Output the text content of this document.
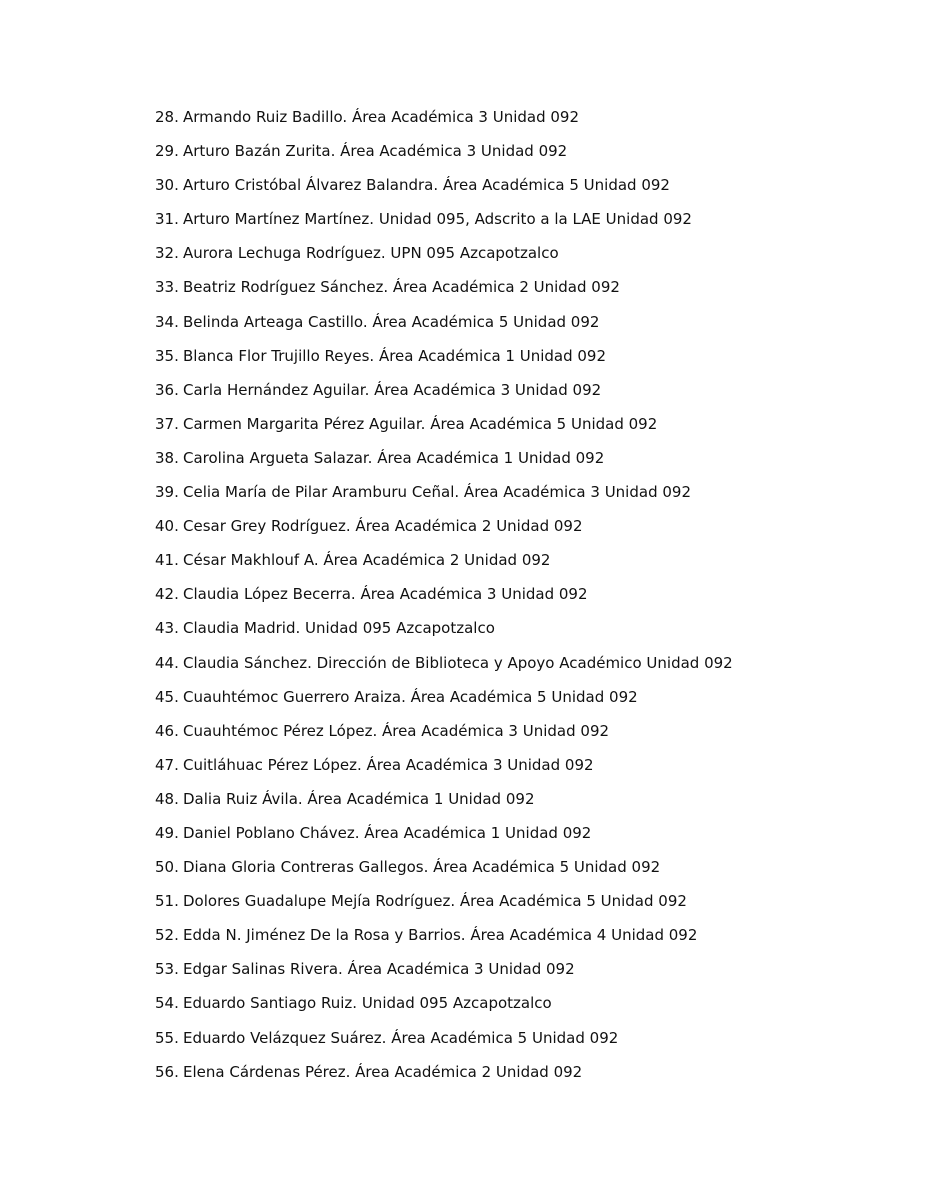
28. Armando Ruiz Badillo. Área Académica 3 Unidad 092
29. Arturo Bazán Zurita. Área Académica 3 Unidad 092
30. Arturo Cristóbal Álvarez Balandra. Área Académica 5 Unidad 092
31. Arturo Martínez Martínez. Unidad 095, Adscrito a la LAE Unidad 092
32. Aurora Lechuga Rodríguez. UPN 095 Azcapotzalco
33. Beatriz Rodríguez Sánchez. Área Académica 2 Unidad 092
34. Belinda Arteaga Castillo. Área Académica 5 Unidad 092
35. Blanca Flor Trujillo Reyes. Área Académica 1 Unidad 092
36. Carla Hernández Aguilar. Área Académica 3 Unidad 092
37. Carmen Margarita Pérez Aguilar. Área Académica 5 Unidad 092
38. Carolina Argueta Salazar. Área Académica 1 Unidad 092
39. Celia María de Pilar Aramburu Ceñal. Área Académica 3 Unidad 092
40. Cesar Grey Rodríguez. Área Académica 2 Unidad 092
41. César Makhlouf A. Área Académica 2 Unidad 092
42. Claudia López Becerra. Área Académica 3 Unidad 092
43. Claudia Madrid. Unidad 095 Azcapotzalco
44. Claudia Sánchez. Dirección de Biblioteca y Apoyo Académico Unidad 092
45. Cuauhtémoc Guerrero Araiza. Área Académica 5 Unidad 092
46. Cuauhtémoc Pérez López. Área Académica 3 Unidad 092
47. Cuitláhuac Pérez López. Área Académica 3 Unidad 092
48. Dalia Ruiz Ávila. Área Académica 1 Unidad 092
49. Daniel Poblano Chávez. Área Académica 1 Unidad 092
50. Diana Gloria Contreras Gallegos. Área Académica 5 Unidad 092
51. Dolores Guadalupe Mejía Rodríguez. Área Académica 5 Unidad 092
52. Edda N. Jiménez De la Rosa y Barrios. Área Académica 4 Unidad 092
53. Edgar Salinas Rivera. Área Académica 3 Unidad 092
54. Eduardo Santiago Ruiz. Unidad 095 Azcapotzalco
55. Eduardo Velázquez Suárez. Área Académica 5 Unidad 092
56. Elena Cárdenas Pérez. Área Académica 2 Unidad 092
